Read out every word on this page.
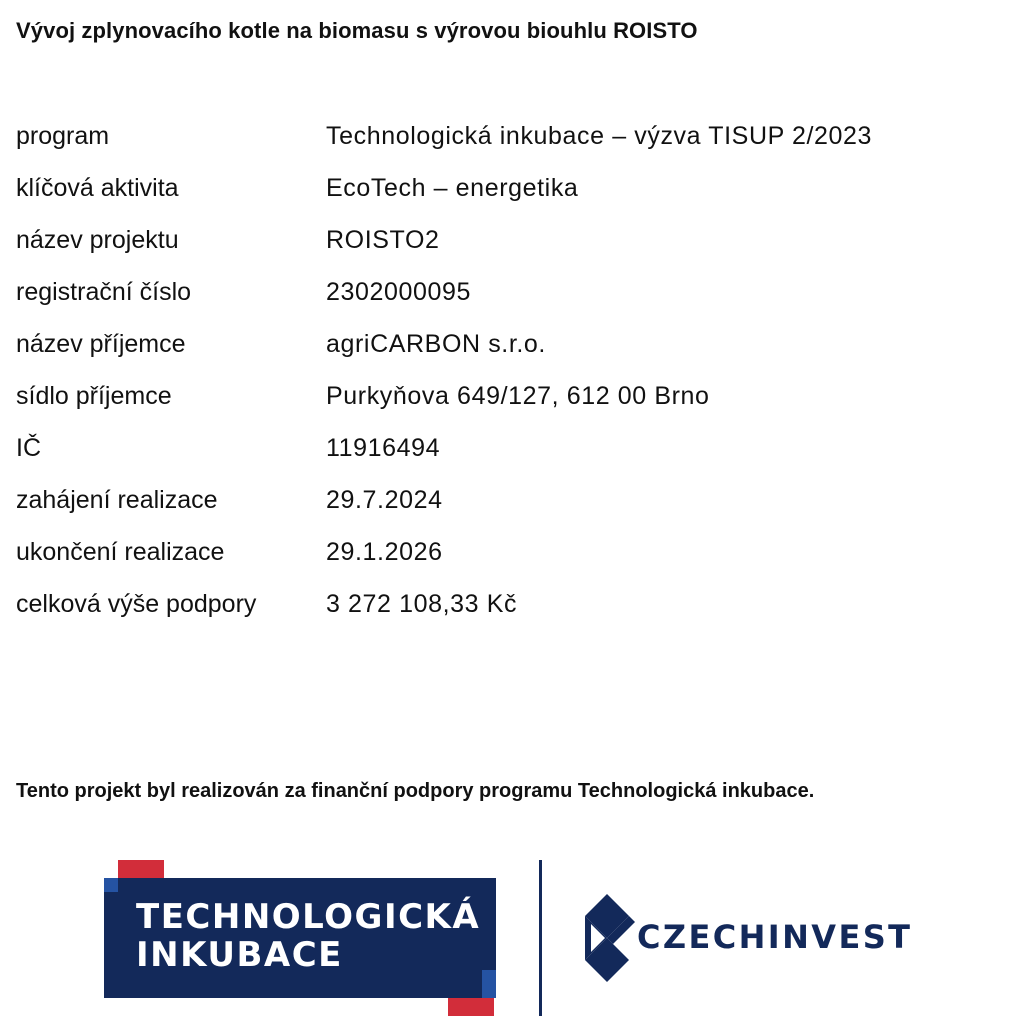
Vývoj zplynovacího kotle na biomasu s výrovou biouhlu ROISTO
program	Technologická inkubace – výzva TISUP 2/2023
klíčová aktivita	EcoTech – energetika
název projektu	ROISTO2
registrační číslo	2302000095
název příjemce	agriCARBON s.r.o.
sídlo příjemce	Purkyňova 649/127, 612 00 Brno
IČ	11916494
zahájení realizace	29.7.2024
ukončení realizace	29.1.2026
celková výše podpory	3 272 108,33 Kč
Tento projekt byl realizován za finanční podpory programu Technologická inkubace.
TECHNOLOGICKÁ
INKUBACE	CZECHINVEST
